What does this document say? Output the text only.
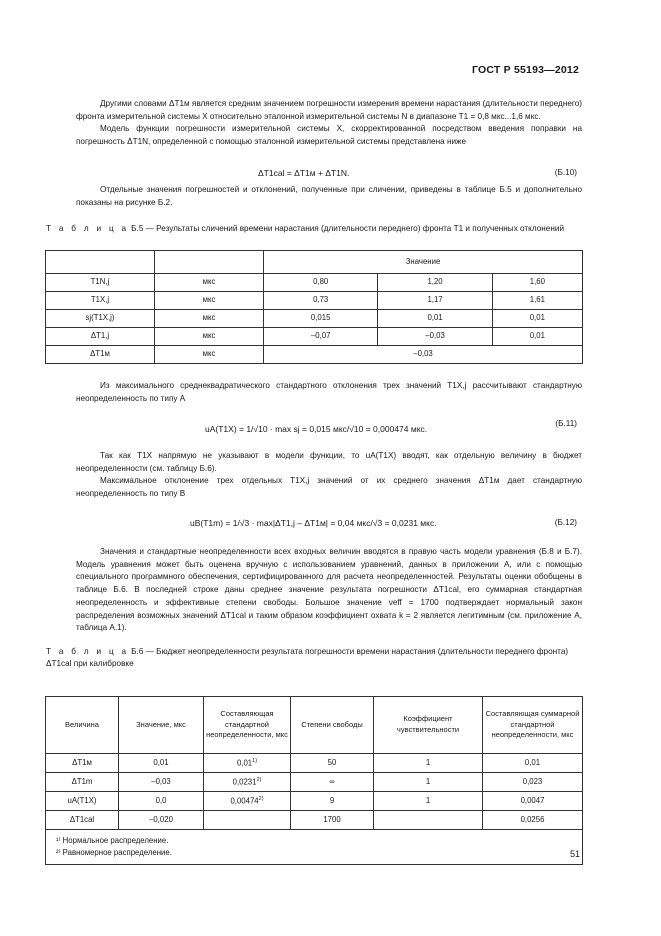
ГОСТ Р 55193—2012

Другими словами ΔT1м является средним значением погрешности измерения времени нарастания (длительности переднего) фронта измерительной системы Х относительно эталонной измерительной системы N в диапазоне T1 = 0,8 мкс...1,6 мкс.

Модель функции погрешности измерительной системы Х, скорректированной посредством введения поправки на погрешность ΔT1N, определенной с помощью эталонной измерительной системы представлена ниже

ΔT1cal = ΔT1м + ΔT1N.	(Б.10)

Отдельные значения погрешностей и отклонений, полученные при сличении, приведены в таблице Б.5 и дополнительно показаны на рисунке Б.2.

Т а б л и ц а Б.5 — Результаты сличений времени нарастания (длительности переднего) фронта T1 и полученных отклонений
		Значение		
T1N,j	мкс	0,80	1,20	1,60
T1X,j	мкс	0,73	1,17	1,61
sj(T1X,j)	мкс	0,015	0,01	0,01
ΔT1,j	мкс	–0,07	–0,03	0,01
ΔT1м	мкс	–0,03		

Из максимального среднеквадратического стандартного отклонения трех значений T1X,j рассчитывают стандартную неопределенность по типу А

uA(T1X) = 1/√10 · max sj = 0,015 мкс/√10 = 0,000474 мкс.
(Б.11)

Так как T1X напрямую не указывают в модели функции, то uA(T1X) вводят, как отдельную величину в бюджет неопределенности (см. таблицу Б.6).

Максимальное отклонение трех отдельных T1X,j значений от их среднего значения ΔT1м дает стандартную неопределенность по типу В

uB(T1m) = 1/√3 · max|ΔT1,j – ΔT1м| = 0,04 мкс/√3 = 0,0231 мкс.	(Б.12)

Значения и стандартные неопределенности всех входных величин вводятся в правую часть модели уравнения (Б.8 и Б.7). Модель уравнения может быть оценена вручную с использованием уравнений, данных в приложении А, или с помощью специального программного обеспечения, сертифицированного для расчета неопределенностей. Результаты оценки обобщены в таблице Б.6. В последней строке даны среднее значение результата погрешности ΔT1cal, его суммарная стандартная неопределенность и эффективные степени свободы. Большое значение νeff = 1700 подтверждает нормальный закон распределения возможных значений ΔT1cal и таким образом коэффициент охвата k = 2 является легитимным (см. приложение А, таблица А.1).

Т а б л и ц а Б.6 — Бюджет неопределенности результата погрешности времени нарастания (длительности переднего фронта) ΔT1cal при калибровке
Величина	Значение, мкс	Составляющая стандартной неопределенности, мкс	Степени свободы	Коэффициент чувствительности	Составляющая суммарной стандартной неопределенности, мкс
ΔT1м	0,01	0,01$^{1)}$	50	1	0,01
ΔT1m	–0,03	0,0231$^{2)}$	∞	1	0,023
uA(T1X)	0,0	0,00474$^{2)}$	9	1	0,0047
ΔT1cal	–0,020		1700		0,0256

¹⁾ Нормальное распределение.
²⁾ Равномерное распределение.						51
